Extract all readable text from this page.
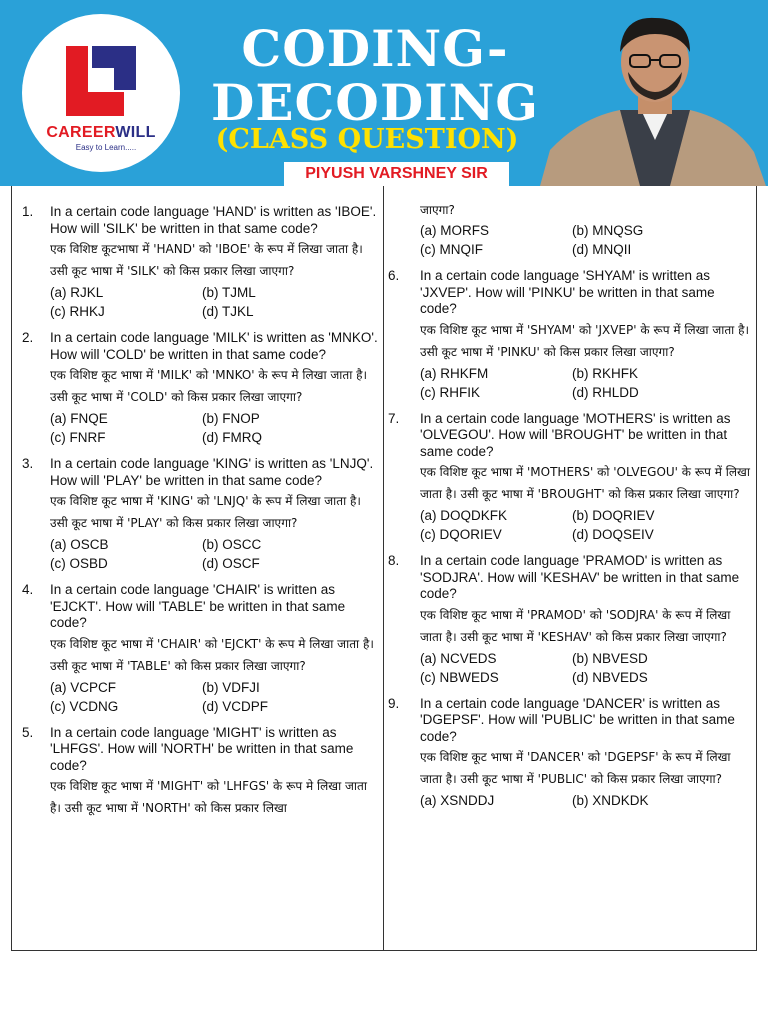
CAREERWILL
Easy to Learn.....
CODING-
DECODING
(CLASS QUESTION)
PIYUSH VARSHNEY SIR
1. In a certain code language 'HAND' is written as 'IBOE'. How will 'SILK' be written in that same code?
एक विशिष्ट कूटभाषा में 'HAND' को 'IBOE' के रूप में लिखा जाता है। उसी कूट भाषा में 'SILK' को किस प्रकार लिखा जाएगा?
(a) RJKL	(b) TJML
(c) RHKJ	(d) TJKL
2. In a certain code language 'MILK' is written as 'MNKO'. How will 'COLD' be written in that same code?
एक विशिष्ट कूट भाषा में 'MILK' को 'MNKO' के रूप मे लिखा जाता है। उसी कूट भाषा में 'COLD' को किस प्रकार लिखा जाएगा?
(a) FNQE	(b) FNOP
(c) FNRF	(d) FMRQ
3. In a certain code language 'KING' is written as 'LNJQ'. How will 'PLAY' be written in that same code?
एक विशिष्ट कूट भाषा में 'KING' को 'LNJQ' के रूप में लिखा जाता है। उसी कूट भाषा में 'PLAY' को किस प्रकार लिखा जाएगा?
(a) OSCB	(b) OSCC
(c) OSBD	(d) OSCF
4. In a certain code language 'CHAIR' is written as 'EJCKT'. How will 'TABLE' be written in that same code?
एक विशिष्ट कूट भाषा में 'CHAIR' को 'EJCKT' के रूप मे लिखा जाता है। उसी कूट भाषा में 'TABLE' को किस प्रकार लिखा जाएगा?
(a) VCPCF	(b) VDFJI
(c) VCDNG	(d) VCDPF
5. In a certain code language 'MIGHT' is written as 'LHFGS'. How will 'NORTH' be written in that same code?
एक विशिष्ट कूट भाषा में 'MIGHT' को 'LHFGS' के रूप मे लिखा जाता है। उसी कूट भाषा में 'NORTH' को किस प्रकार लिखा
जाएगा?
(a) MORFS	(b) MNQSG
(c) MNQIF	(d) MNQII
6. In a certain code language 'SHYAM' is written as 'JXVEP'. How will 'PINKU' be written in that same code?
एक विशिष्ट कूट भाषा में 'SHYAM' को 'JXVEP' के रूप में लिखा जाता है। उसी कूट भाषा में 'PINKU' को किस प्रकार लिखा जाएगा?
(a) RHKFM	(b) RKHFK
(c) RHFIK	(d) RHLDD
7. In a certain code language 'MOTHERS' is written as 'OLVEGOU'. How will 'BROUGHT' be written in that same code?
एक विशिष्ट कूट भाषा में 'MOTHERS' को 'OLVEGOU' के रूप में लिखा जाता है। उसी कूट भाषा में 'BROUGHT' को किस प्रकार लिखा जाएगा?
(a) DOQDKFK	(b) DOQRIEV
(c) DQORIEV	(d) DOQSEIV
8. In a certain code language 'PRAMOD' is written as 'SODJRA'. How will 'KESHAV' be written in that same code?
एक विशिष्ट कूट भाषा में 'PRAMOD' को 'SODJRA' के रूप में लिखा जाता है। उसी कूट भाषा में 'KESHAV' को किस प्रकार लिखा जाएगा?
(a) NCVEDS	(b) NBVESD
(c) NBWEDS	(d) NBVEDS
9. In a certain code language 'DANCER' is written as 'DGEPSF'. How will 'PUBLIC' be written in that same code?
एक विशिष्ट कूट भाषा में 'DANCER' को 'DGEPSF' के रूप में लिखा जाता है। उसी कूट भाषा में 'PUBLIC' को किस प्रकार लिखा जाएगा?
(a) XSNDDJ	(b) XNDKDK
